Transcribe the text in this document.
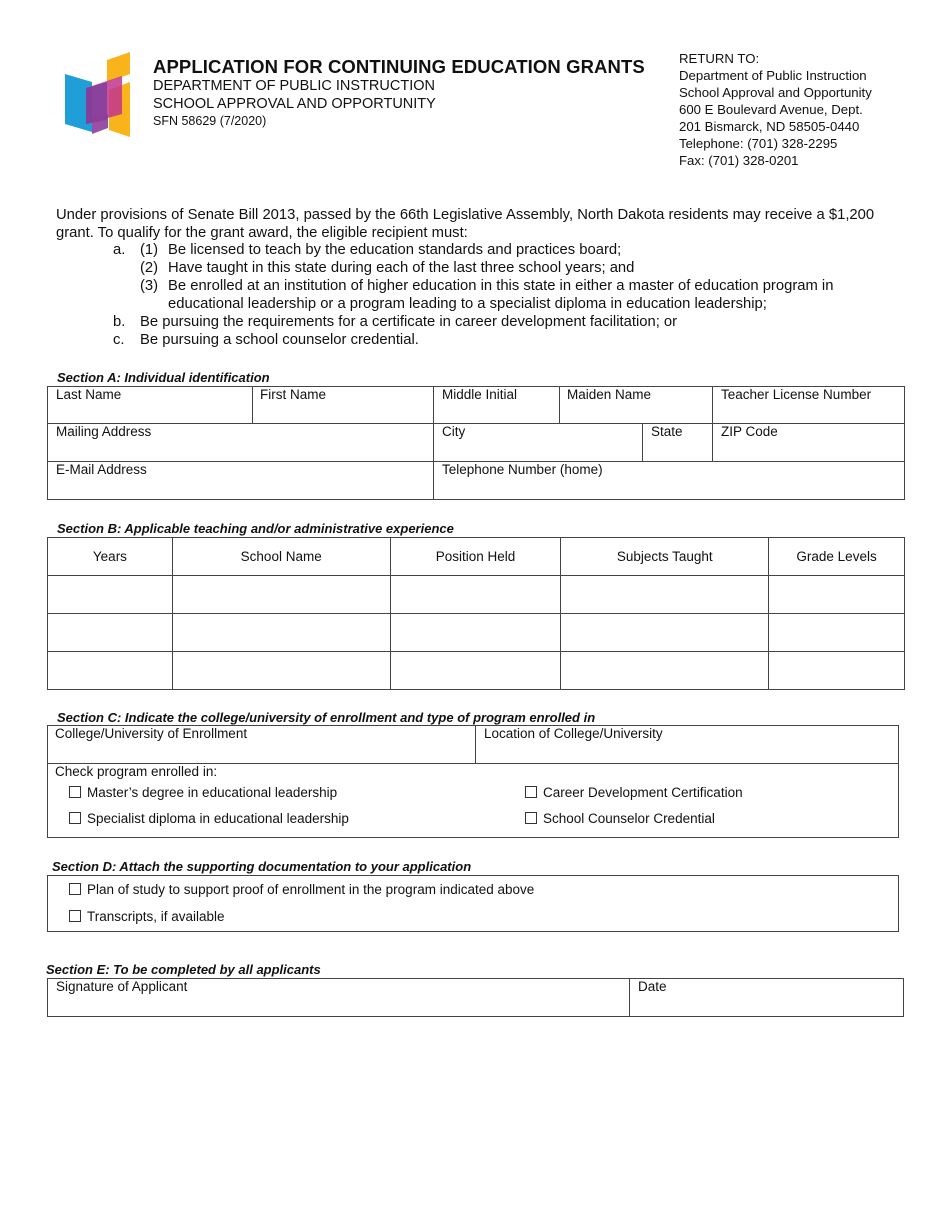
APPLICATION FOR CONTINUING EDUCATION GRANTS
DEPARTMENT OF PUBLIC INSTRUCTION
SCHOOL APPROVAL AND OPPORTUNITY
SFN 58629 (7/2020)
RETURN TO:
Department of Public Instruction
School Approval and Opportunity
600 E Boulevard Avenue, Dept.
201 Bismarck, ND 58505-0440
Telephone: (701) 328-2295
Fax: (701) 328-0201
Under provisions of Senate Bill 2013, passed by the 66th Legislative Assembly, North Dakota residents may receive a $1,200 grant. To qualify for the grant award, the eligible recipient must:
a. (1) Be licensed to teach by the education standards and practices board;
(2) Have taught in this state during each of the last three school years; and
(3) Be enrolled at an institution of higher education in this state in either a master of education program in
educational leadership or a program leading to a specialist diploma in education leadership;
b. Be pursuing the requirements for a certificate in career development facilitation; or
c. Be pursuing a school counselor credential.
Section A: Individual identification
Last Name	First Name	Middle Initial	Maiden Name	Teacher License Number
Mailing Address	City	State	ZIP Code
E-Mail Address	Telephone Number (home)
Section B: Applicable teaching and/or administrative experience
Years	School Name	Position Held	Subjects Taught	Grade Levels

Section C: Indicate the college/university of enrollment and type of program enrolled in
College/University of Enrollment	Location of College/University
Check program enrolled in:
Master’s degree in educational leadership	Career Development Certification
Specialist diploma in educational leadership	School Counselor Credential
Section D: Attach the supporting documentation to your application
Plan of study to support proof of enrollment in the program indicated above
Transcripts, if available
Section E: To be completed by all applicants
Signature of Applicant	Date
